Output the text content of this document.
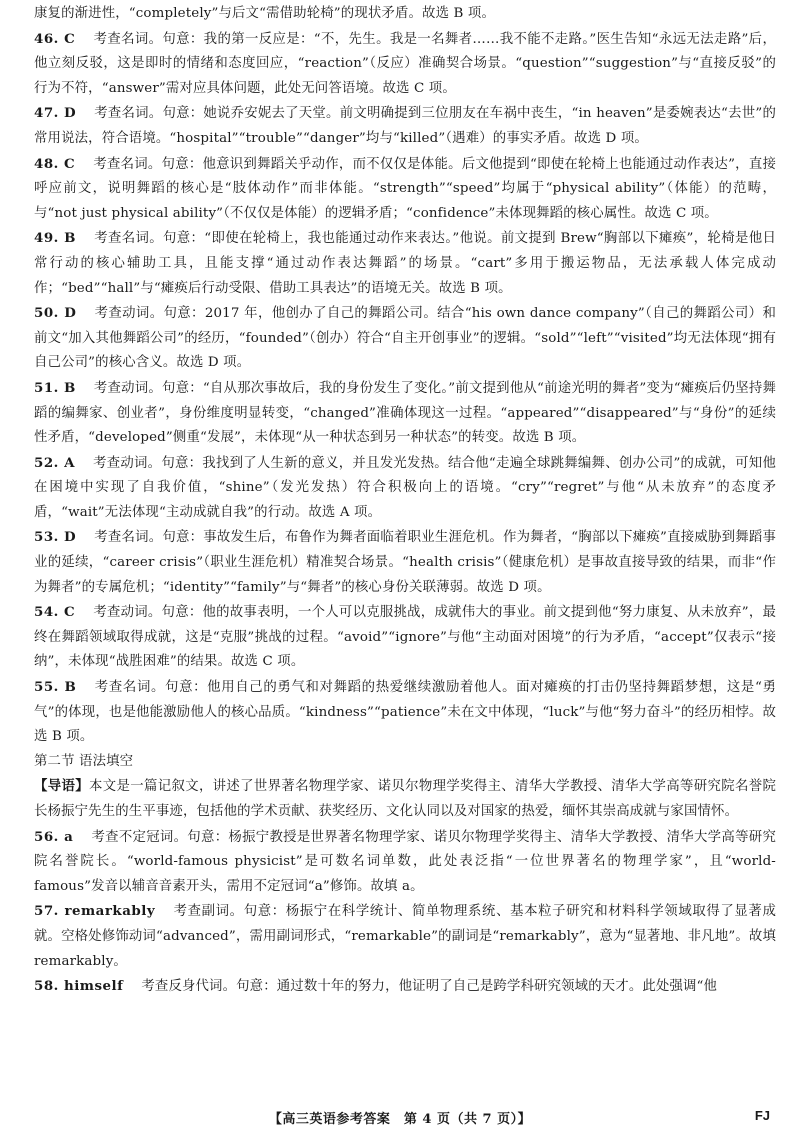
康复的渐进性，“completely”与后文“需借助轮椅”的现状矛盾。故选 B 项。
46. C 考查名词。句意：我的第一反应是：“不，先生。我是一名舞者……我不能不走路。”医生告知“永远无法走路”后，他立刻反驳，这是即时的情绪和态度回应，“reaction”（反应）准确契合场景。“question”“suggestion”与“直接反驳”的行为不符，“answer”需对应具体问题，此处无问答语境。故选 C 项。
47. D 考查名词。句意：她说乔安妮去了天堂。前文明确提到三位朋友在车祸中丧生，“in heaven”是委婉表达“去世”的常用说法，符合语境。“hospital”“trouble”“danger”均与“killed”（遇难）的事实矛盾。故选 D 项。
48. C 考查名词。句意：他意识到舞蹈关乎动作，而不仅仅是体能。后文他提到“即使在轮椅上也能通过动作表达”，直接呼应前文，说明舞蹈的核心是“肢体动作”而非体能。“strength”“speed”均属于“physical ability”（体能）的范畴，与“not just physical ability”（不仅仅是体能）的逻辑矛盾；“confidence”未体现舞蹈的核心属性。故选 C 项。
49. B 考查名词。句意：“即使在轮椅上，我也能通过动作来表达。”他说。前文提到 Brew“胸部以下瘫痪”，轮椅是他日常行动的核心辅助工具，且能支撑“通过动作表达舞蹈”的场景。“cart”多用于搬运物品，无法承载人体完成动作；“bed”“hall”与“瘫痪后行动受限、借助工具表达”的语境无关。故选 B 项。
50. D 考查动词。句意：2017 年，他创办了自己的舞蹈公司。结合“his own dance company”（自己的舞蹈公司）和前文“加入其他舞蹈公司”的经历，“founded”（创办）符合“自主开创事业”的逻辑。“sold”“left”“visited”均无法体现“拥有自己公司”的核心含义。故选 D 项。
51. B 考查动词。句意：“自从那次事故后，我的身份发生了变化。”前文提到他从“前途光明的舞者”变为“瘫痪后仍坚持舞蹈的编舞家、创业者”，身份维度明显转变，“changed”准确体现这一过程。“appeared”“disappeared”与“身份”的延续性矛盾，“developed”侧重“发展”，未体现“从一种状态到另一种状态”的转变。故选 B 项。
52. A 考查动词。句意：我找到了人生新的意义，并且发光发热。结合他“走遍全球跳舞编舞、创办公司”的成就，可知他在困境中实现了自我价值，“shine”（发光发热）符合积极向上的语境。“cry”“regret”与他“从未放弃”的态度矛盾，“wait”无法体现“主动成就自我”的行动。故选 A 项。
53. D 考查名词。句意：事故发生后，布鲁作为舞者面临着职业生涯危机。作为舞者，“胸部以下瘫痪”直接威胁到舞蹈事业的延续，“career crisis”（职业生涯危机）精准契合场景。“health crisis”（健康危机）是事故直接导致的结果，而非“作为舞者”的专属危机；“identity”“family”与“舞者”的核心身份关联薄弱。故选 D 项。
54. C 考查动词。句意：他的故事表明，一个人可以克服挑战，成就伟大的事业。前文提到他“努力康复、从未放弃”，最终在舞蹈领域取得成就，这是“克服”挑战的过程。“avoid”“ignore”与他“主动面对困境”的行为矛盾，“accept”仅表示“接纳”，未体现“战胜困难”的结果。故选 C 项。
55. B 考查名词。句意：他用自己的勇气和对舞蹈的热爱继续激励着他人。面对瘫痪的打击仍坚持舞蹈梦想，这是“勇气”的体现，也是他能激励他人的核心品质。“kindness”“patience”未在文中体现，“luck”与他“努力奋斗”的经历相悖。故选 B 项。
第二节 语法填空
【导语】本文是一篇记叙文，讲述了世界著名物理学家、诺贝尔物理学奖得主、清华大学教授、清华大学高等研究院名誉院长杨振宁先生的生平事迹，包括他的学术贡献、获奖经历、文化认同以及对国家的热爱，缅怀其崇高成就与家国情怀。
56. a 考查不定冠词。句意：杨振宁教授是世界著名物理学家、诺贝尔物理学奖得主、清华大学教授、清华大学高等研究院名誉院长。“world-famous physicist”是可数名词单数，此处表泛指“一位世界著名的物理学家”，且“world-famous”发音以辅音音素开头，需用不定冠词“a”修饰。故填 a。
57. remarkably 考查副词。句意：杨振宁在科学统计、简单物理系统、基本粒子研究和材料科学领域取得了显著成就。空格处修饰动词“advanced”，需用副词形式，“remarkable”的副词是“remarkably”，意为“显著地、非凡地”。故填 remarkably。
58. himself 考查反身代词。句意：通过数十年的努力，他证明了自己是跨学科研究领域的天才。此处强调“他
【高三英语参考答案　第 4 页（共 7 页）】	FJ
